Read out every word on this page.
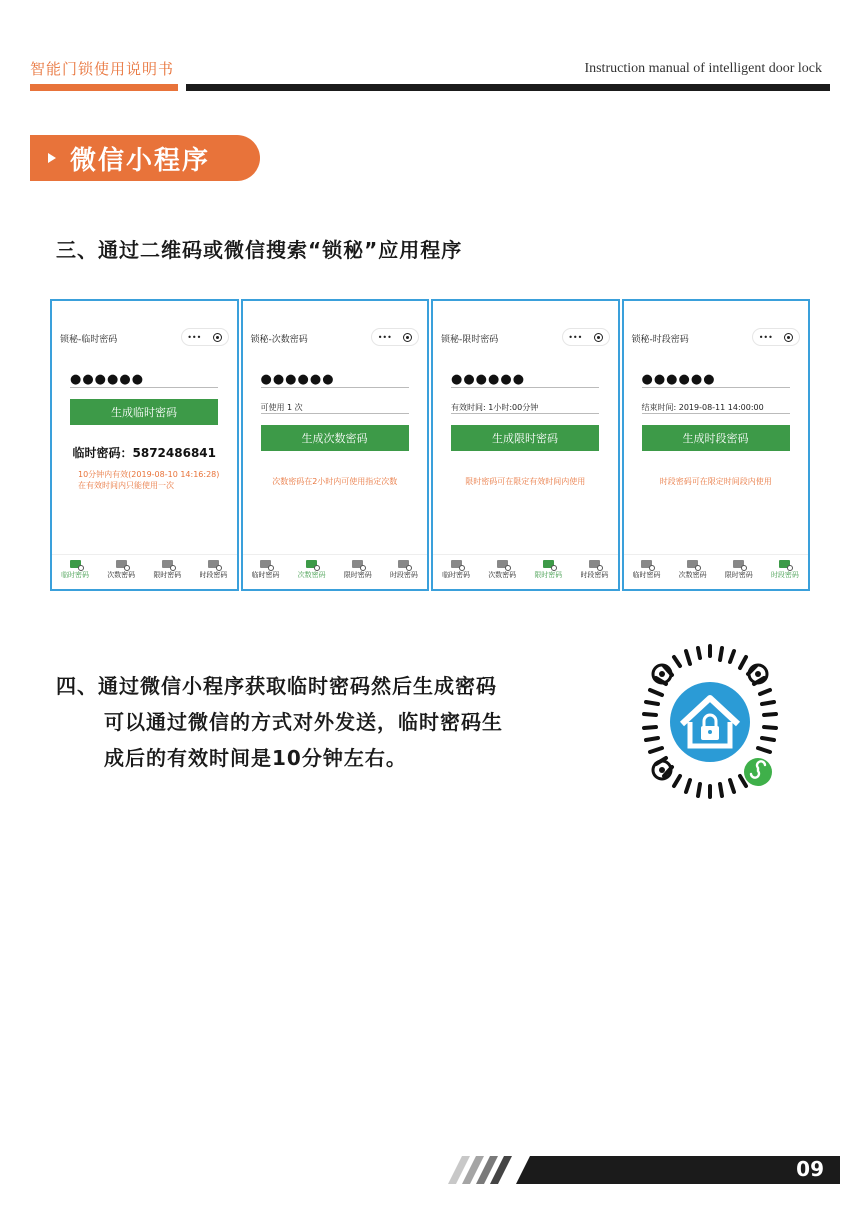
智能门锁使用说明书	Instruction manual of intelligent door lock
微信小程序
三、通过二维码或微信搜索“锁秘”应用程序
锁秘-临时密码	•••
●●●●●●
生成临时密码
临时密码：5872486841
10分钟内有效(2019-08-10 14:16:28)
在有效时间内只能使用一次
临时密码	次数密码	限时密码	时段密码
锁秘-次数密码	•••
●●●●●●
可使用 1 次
生成次数密码
次数密码在2小时内可使用指定次数
临时密码	次数密码	限时密码	时段密码
锁秘-限时密码	•••
●●●●●●
有效时间: 1小时:00分钟
生成限时密码
限时密码可在限定有效时间内使用
临时密码	次数密码	限时密码	时段密码
锁秘-时段密码	•••
●●●●●●
结束时间: 2019-08-11 14:00:00
生成时段密码
时段密码可在限定时间段内使用
临时密码	次数密码	限时密码	时段密码
四、通过微信小程序获取临时密码然后生成密码
可以通过微信的方式对外发送，临时密码生
成后的有效时间是10分钟左右。
09
